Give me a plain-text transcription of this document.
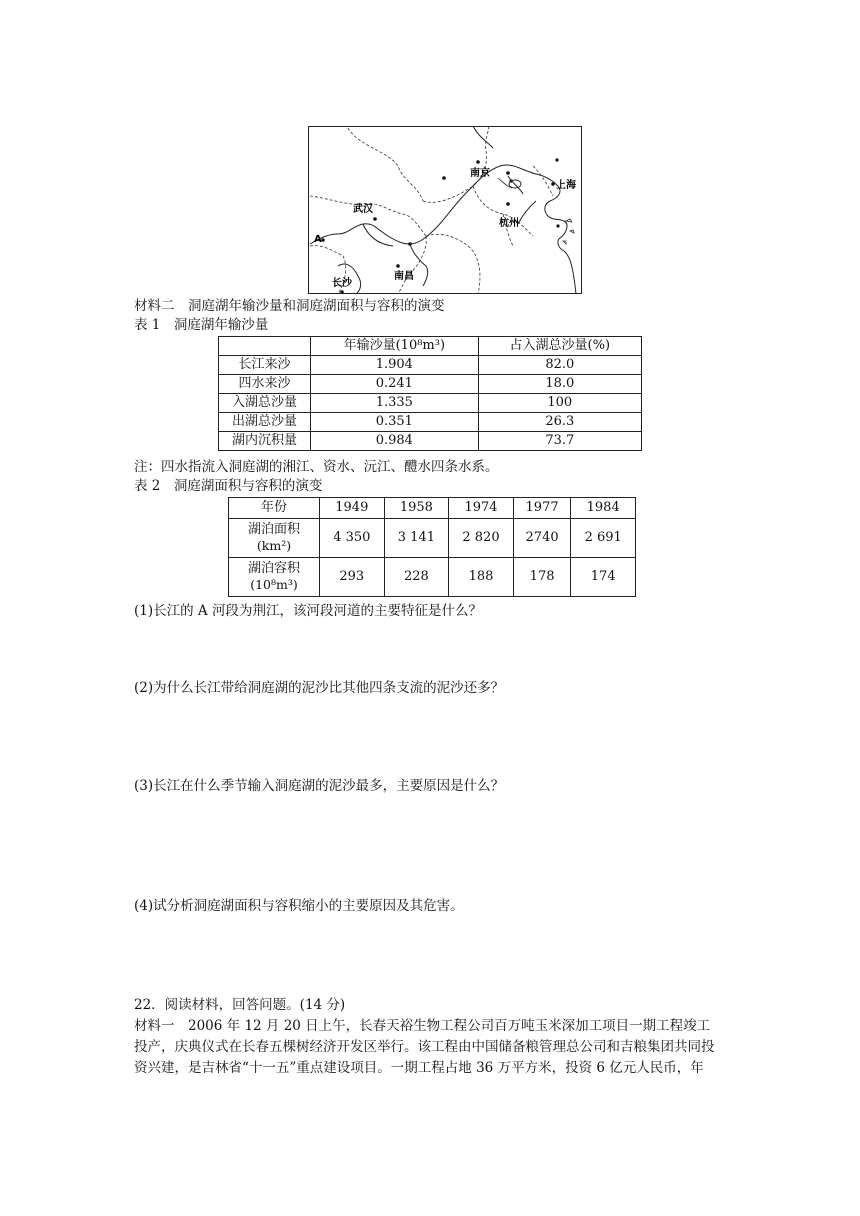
南京
上海
武汉
杭州
A
长沙
南昌
材料二　洞庭湖年输沙量和洞庭湖面积与容积的演变
表 1　洞庭湖年输沙量
	年输沙量(10⁸m³)	占入湖总沙量(%)
长江来沙	1.904	82.0
四水来沙	0.241	18.0
入湖总沙量	1.335	100
出湖总沙量	0.351	26.3
湖内沉积量	0.984	73.7
注：四水指流入洞庭湖的湘江、资水、沅江、醴水四条水系。
表 2　洞庭湖面积与容积的演变
年份	1949	1958	1974	1977	1984

湖泊面积
(km²)	4 350	3 141	2 820	2740	2 691

湖泊容积
(10⁸m³)	293	228	188	178	174
(1)长江的 A 河段为荆江，该河段河道的主要特征是什么？
(2)为什么长江带给洞庭湖的泥沙比其他四条支流的泥沙还多？
(3)长江在什么季节输入洞庭湖的泥沙最多，主要原因是什么？
(4)试分析洞庭湖面积与容积缩小的主要原因及其危害。
22．阅读材料，回答问题。(14 分)
材料一　2006 年 12 月 20 日上午，长春天裕生物工程公司百万吨玉米深加工项目一期工程竣工
投产，庆典仪式在长春五棵树经济开发区举行。该工程由中国储备粮管理总公司和吉粮集团共同投
资兴建，是吉林省“十一五”重点建设项目。一期工程占地 36 万平方米，投资 6 亿元人民币，年
